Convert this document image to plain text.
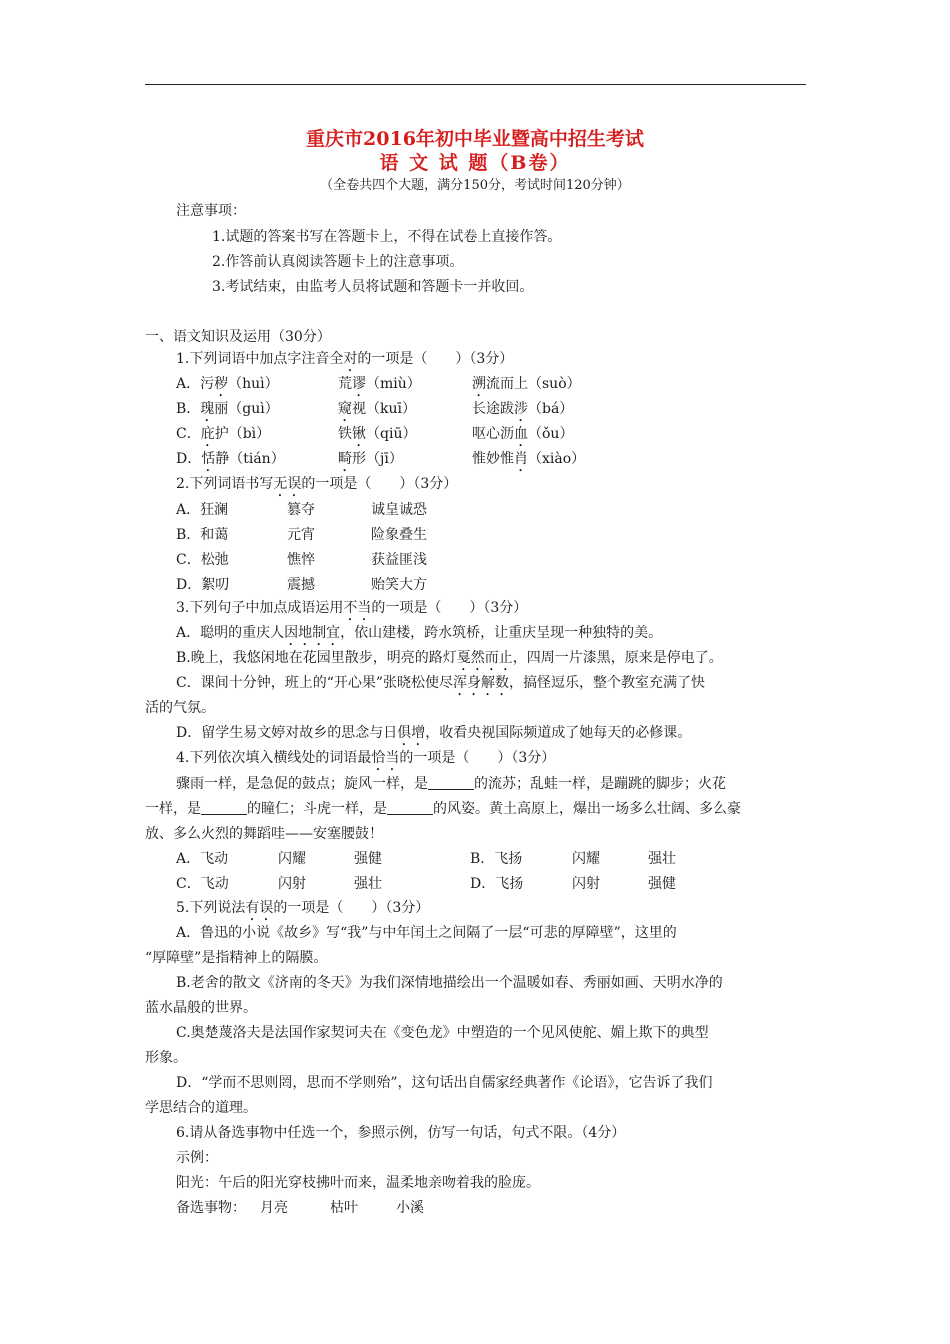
重庆市2016年初中毕业暨高中招生考试
语 文 试 题（B卷）
（全卷共四个大题，满分150分，考试时间120分钟）
注意事项：
1.试题的答案书写在答题卡上，不得在试卷上直接作答。
2.作答前认真阅读答题卡上的注意事项。
3.考试结束，由监考人员将试题和答题卡一并收回。
一、语文知识及运用（30分）
1.下列词语中加点字注音全对的一项是（　　）（3分）
A．污秽（huì）	荒谬（miù）	溯流而上（suò）
B．瑰丽（guì）	窥视（kuī）	长途跋涉（bá）
C．庇护（bì）	铁锹（qiū）	呕心沥血（ǒu）
D．恬静（tián）	畸形（jī）	惟妙惟肖（xiào）
2.下列词语书写无误的一项是（　　）（3分）
A．狂澜	篡夺	诚皇诚恐
B．和蔼	元宵	险象叠生
C．松弛	憔悴	获益匪浅
D．絮叨	震撼	贻笑大方
3.下列句子中加点成语运用不当的一项是（　　）（3分）
A．聪明的重庆人因地制宜，依山建楼，跨水筑桥，让重庆呈现一种独特的美。
B.晚上，我悠闲地在花园里散步，明亮的路灯戛然而止，四周一片漆黑，原来是停电了。
C．课间十分钟，班上的“开心果”张晓松使尽浑身解数，搞怪逗乐，整个教室充满了快
活的气氛。
D．留学生易文婷对故乡的思念与日俱增，收看央视国际频道成了她每天的必修课。
4.下列依次填入横线处的词语最恰当的一项是（　　）（3分）
骤雨一样，是急促的鼓点；旋风一样，是	的流苏；乱蛙一样，是蹦跳的脚步；火花
一样，是	的瞳仁；斗虎一样，是	的风姿。黄土高原上，爆出一场多么壮阔、多么豪
放、多么火烈的舞蹈哇——安塞腰鼓！
A．飞动	闪耀	强健	B．飞扬	闪耀	强壮
C．飞动	闪射	强壮	D．飞扬	闪射	强健
5.下列说法有误的一项是（　　）（3分）
A．鲁迅的小说《故乡》写“我”与中年闰土之间隔了一层“可悲的厚障壁”，这里的
“厚障壁”是指精神上的隔膜。
B.老舍的散文《济南的冬天》为我们深情地描绘出一个温暖如春、秀丽如画、天明水净的
蓝水晶般的世界。
C.奥楚蔑洛夫是法国作家契诃夫在《变色龙》中塑造的一个见风使舵、媚上欺下的典型
形象。
D．“学而不思则罔，思而不学则殆”，这句话出自儒家经典著作《论语》，它告诉了我们
学思结合的道理。
6.请从备选事物中任选一个，参照示例，仿写一句话，句式不限。（4分）
示例：
阳光：午后的阳光穿枝拂叶而来，温柔地亲吻着我的脸庞。
备选事物： 月亮	枯叶	小溪
